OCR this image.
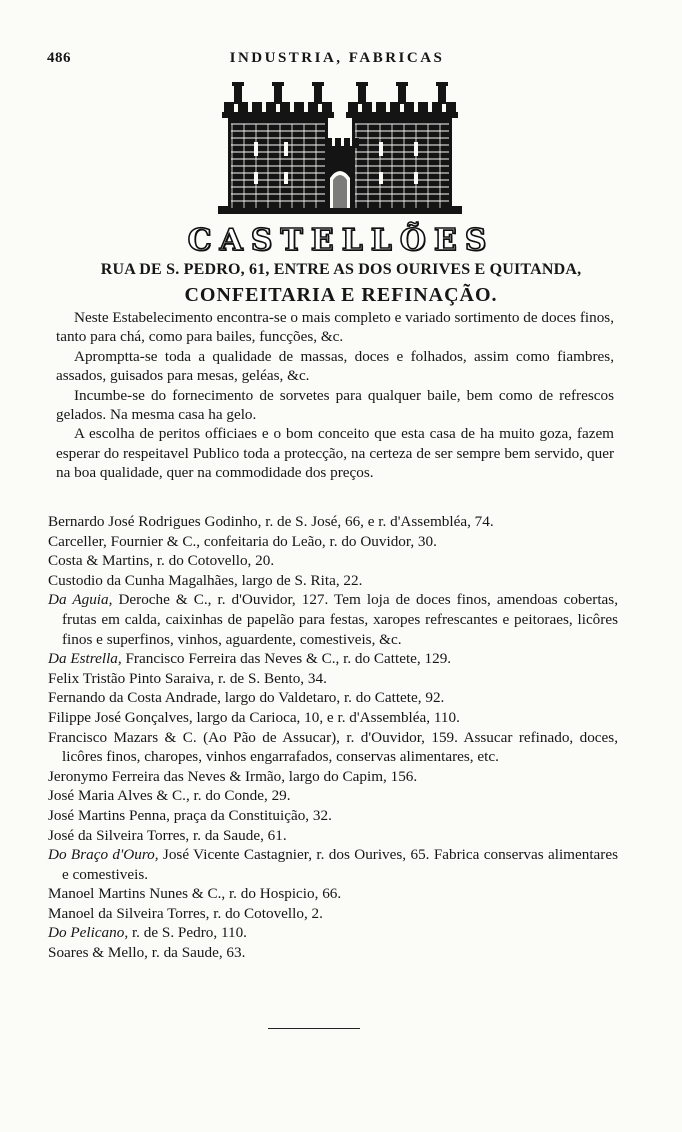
486	INDUSTRIA, FABRICAS
CASTELLÕES
RUA DE S. PEDRO, 61, ENTRE AS DOS OURIVES E QUITANDA,
CONFEITARIA E REFINAÇÃO.

Neste Estabelecimento encontra-se o mais completo e variado sortimento de doces finos, tanto para chá, como para bailes, funcções, &c.

Apromptta-se toda a qualidade de massas, doces e folhados, assim como fiambres, assados, guisados para mesas, geléas, &c.

Incumbe-se do fornecimento de sorvetes para qualquer baile, bem como de refrescos gelados. Na mesma casa ha gelo.

A escolha de peritos officiaes e o bom conceito que esta casa de ha muito goza, fazem esperar do respeitavel Publico toda a protecção, na certeza de ser sempre bem servido, quer na boa qualidade, quer na commodidade dos preços.

Bernardo José Rodrigues Godinho, r. de S. José, 66, e r. d'Assembléa, 74.
Carceller, Fournier & C., confeitaria do Leão, r. do Ouvidor, 30.
Costa & Martins, r. do Cotovello, 20.
Custodio da Cunha Magalhães, largo de S. Rita, 22.
Da Aguia, Deroche & C., r. d'Ouvidor, 127. Tem loja de doces finos, amendoas cobertas, frutas em calda, caixinhas de papelão para festas, xaropes refrescantes e peitoraes, licôres finos e superfinos, vinhos, aguardente, comestiveis, &c.
Da Estrella, Francisco Ferreira das Neves & C., r. do Cattete, 129.
Felix Tristão Pinto Saraiva, r. de S. Bento, 34.
Fernando da Costa Andrade, largo do Valdetaro, r. do Cattete, 92.
Filippe José Gonçalves, largo da Carioca, 10, e r. d'Assembléa, 110.
Francisco Mazars & C. (Ao Pão de Assucar), r. d'Ouvidor, 159. Assucar refinado, doces, licôres finos, charopes, vinhos engarrafados, conservas alimentares, etc.
Jeronymo Ferreira das Neves & Irmão, largo do Capim, 156.
José Maria Alves & C., r. do Conde, 29.
José Martins Penna, praça da Constituição, 32.
José da Silveira Torres, r. da Saude, 61.
Do Braço d'Ouro, José Vicente Castagnier, r. dos Ourives, 65. Fabrica conservas alimentares e comestiveis.
Manoel Martins Nunes & C., r. do Hospicio, 66.
Manoel da Silveira Torres, r. do Cotovello, 2.
Do Pelicano, r. de S. Pedro, 110.
Soares & Mello, r. da Saude, 63.
